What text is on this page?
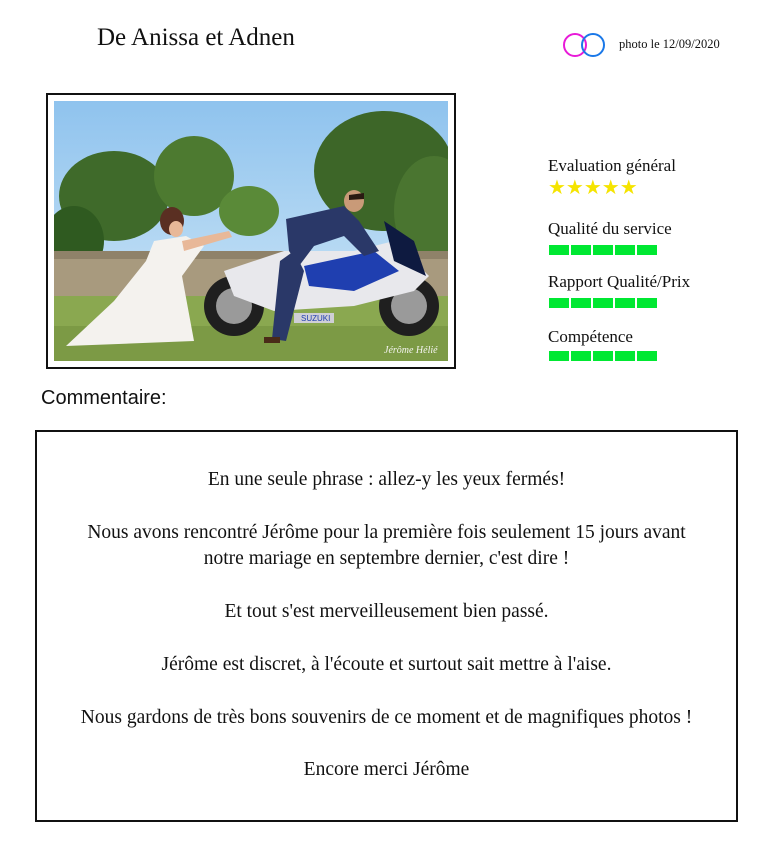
De Anissa et Adnen	photo le 12/09/2020
SUZUKI
Jérôme Hélié
Evaluation général
★★★★★
Qualité du service
Rapport Qualité/Prix
Compétence
Commentaire:

En une seule phrase : allez-y les yeux fermés!

Nous avons rencontré Jérôme pour la première fois seulement 15 jours avant

notre mariage en septembre dernier, c'est dire !

Et tout s'est merveilleusement bien passé.

Jérôme est discret, à l'écoute et surtout sait mettre à l'aise.

Nous gardons de très bons souvenirs de ce moment et de magnifiques photos !

Encore merci Jérôme
